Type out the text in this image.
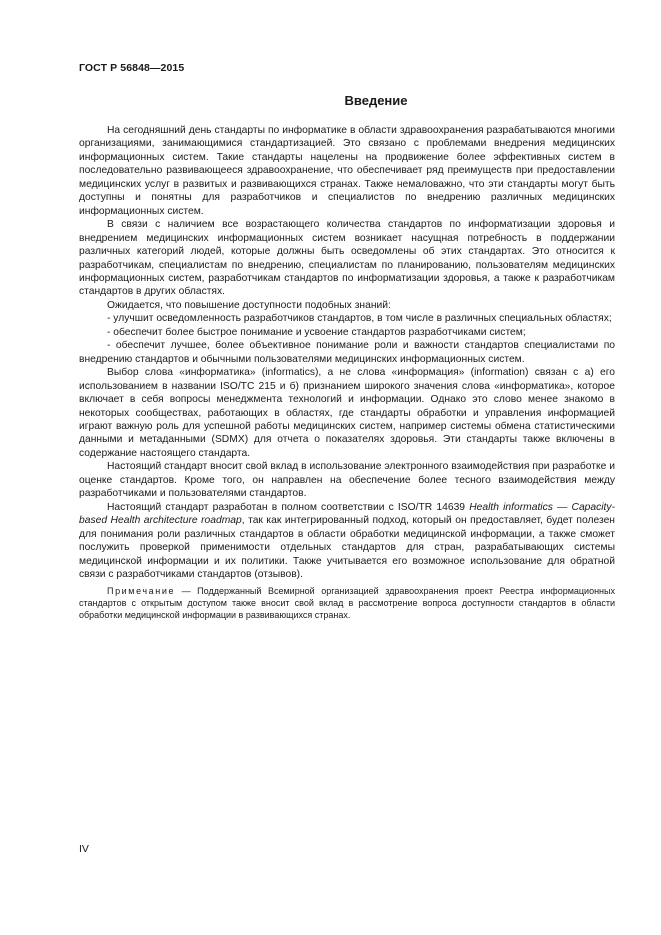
ГОСТ Р 56848—2015
Введение

На сегодняшний день стандарты по информатике в области здравоохранения разрабатываются многими организациями, занимающимися стандартизацией. Это связано с проблемами внедрения медицинских информационных систем. Такие стандарты нацелены на продвижение более эффективных систем в последовательно развивающееся здравоохранение, что обеспечивает ряд преимуществ при предоставлении медицинских услуг в развитых и развивающихся странах. Также немаловажно, что эти стандарты могут быть доступны и понятны для разработчиков и специалистов по внедрению различных медицинских информационных систем.

В связи с наличием все возрастающего количества стандартов по информатизации здоровья и внедрением медицинских информационных систем возникает насущная потребность в поддержании различных категорий людей, которые должны быть осведомлены об этих стандартах. Это относится к разработчикам, специалистам по внедрению, специалистам по планированию, пользователям медицинских информационных систем, разработчикам стандартов по информатизации здоровья, а также к разработчикам стандартов в других областях.

Ожидается, что повышение доступности подобных знаний:

- улучшит осведомленность разработчиков стандартов, в том числе в различных специальных областях;

- обеспечит более быстрое понимание и усвоение стандартов разработчиками систем;

- обеспечит лучшее, более объективное понимание роли и важности стандартов специалистами по внедрению стандартов и обычными пользователями медицинских информационных систем.

Выбор слова «информатика» (informatics), а не слова «информация» (information) связан с а) его использованием в названии ISO/TC 215 и б) признанием широкого значения слова «информатика», которое включает в себя вопросы менеджмента технологий и информации. Однако это слово менее знакомо в некоторых сообществах, работающих в областях, где стандарты обработки и управления информацией играют важную роль для успешной работы медицинских систем, например системы обмена статистическими данными и метаданными (SDMX) для отчета о показателях здоровья. Эти стандарты также включены в содержание настоящего стандарта.

Настоящий стандарт вносит свой вклад в использование электронного взаимодействия при разработке и оценке стандартов. Кроме того, он направлен на обеспечение более тесного взаимодействия между разработчиками и пользователями стандартов.

Настоящий стандарт разработан в полном соответствии с ISO/TR 14639 Health informatics — Capacity-based Health architecture roadmap, так как интегрированный подход, который он предоставляет, будет полезен для понимания роли различных стандартов в области обработки медицинской информации, а также сможет послужить проверкой применимости отдельных стандартов для стран, разрабатывающих системы медицинской информации и их политики. Также учитывается его возможное использование для обратной связи с разработчиками стандартов (отзывов).

Примечание — Поддержанный Всемирной организацией здравоохранения проект Реестра информационных стандартов с открытым доступом также вносит свой вклад в рассмотрение вопроса доступности стандартов в области обработки медицинской информации в развивающихся странах.

IV
